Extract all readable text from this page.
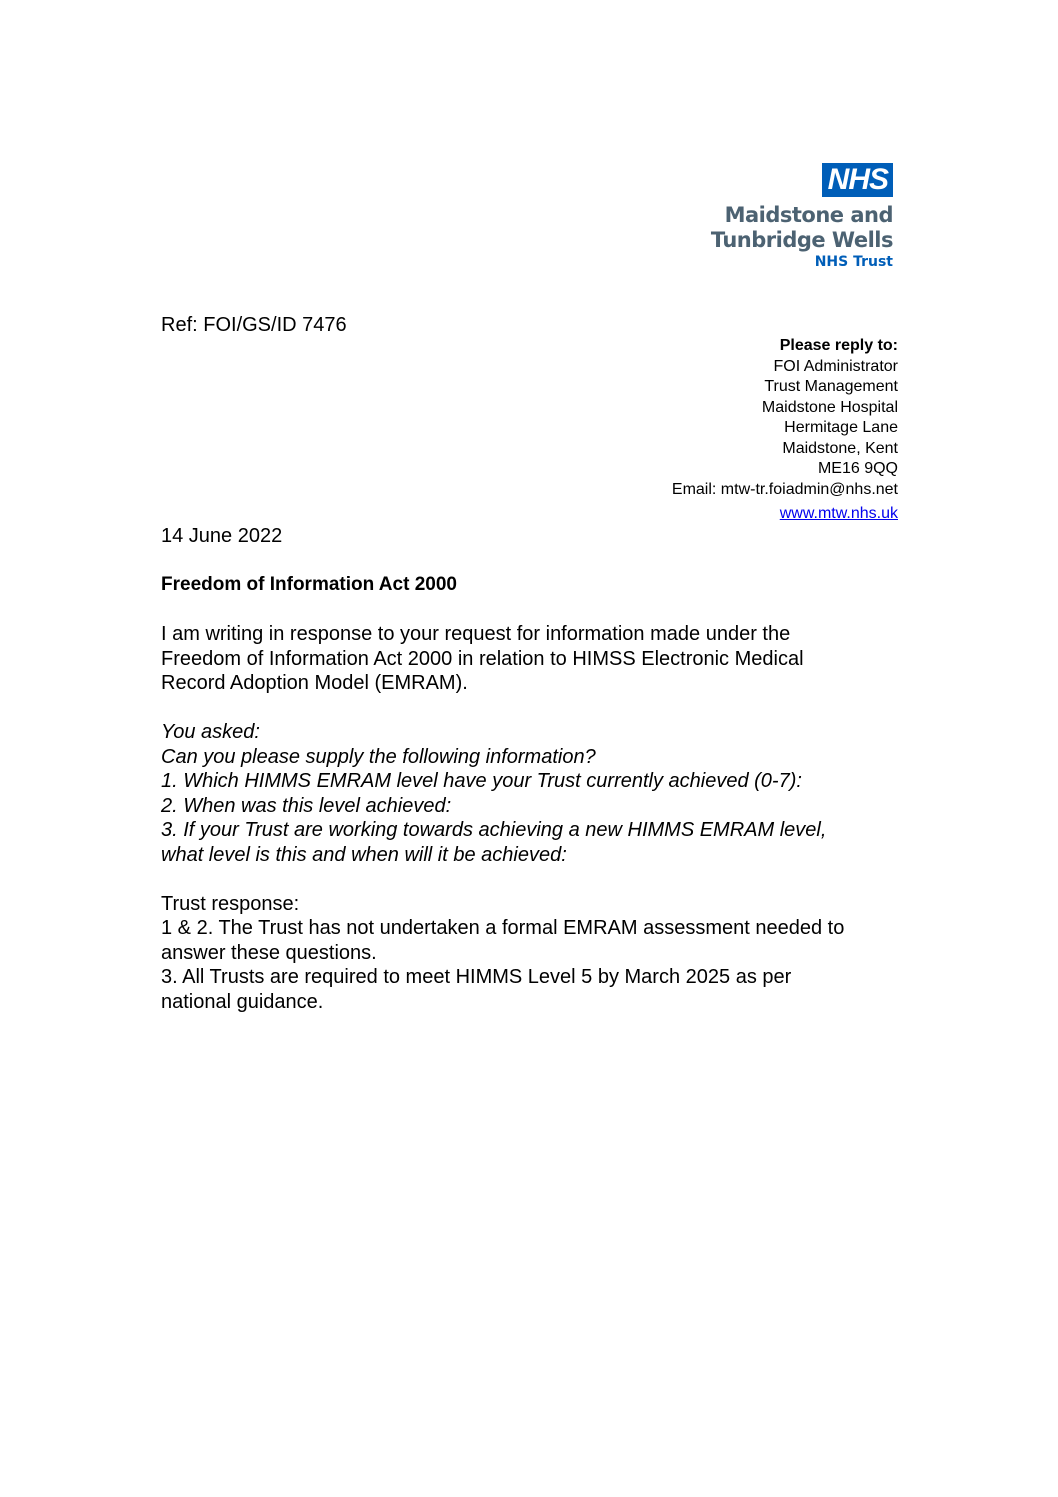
NHS
Maidstone and
Tunbridge Wells
NHS Trust
Ref: FOI/GS/ID 7476
Please reply to:
FOI Administrator
Trust Management
Maidstone Hospital
Hermitage Lane
Maidstone, Kent
ME16 9QQ
Email: mtw-tr.foiadmin@nhs.net
www.mtw.nhs.uk
14 June 2022
Freedom of Information Act 2000
I am writing in response to your request for information made under the
Freedom of Information Act 2000 in relation to HIMSS Electronic Medical
Record Adoption Model (EMRAM).
You asked:
Can you please supply the following information?
1. Which HIMMS EMRAM level have your Trust currently achieved (0-7):
2. When was this level achieved:
3. If your Trust are working towards achieving a new HIMMS EMRAM level,
what level is this and when will it be achieved:
Trust response:
1 & 2. The Trust has not undertaken a formal EMRAM assessment needed to
answer these questions.
3. All Trusts are required to meet HIMMS Level 5 by March 2025 as per
national guidance.
